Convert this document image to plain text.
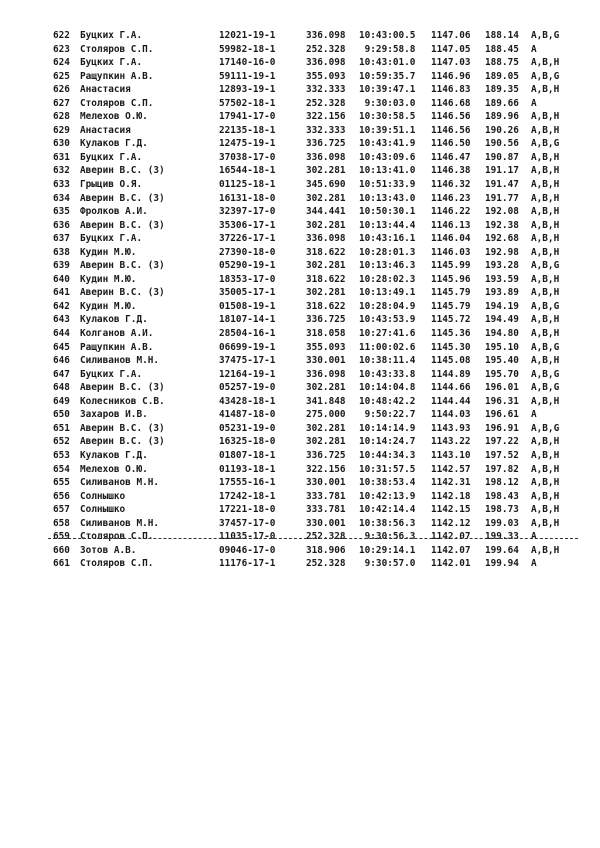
622 Буцких Г.А.	12021-19-1	336.098 10:43:00.5 1147.06 188.14 A,B,G
623 Столяров С.П.	59982-18-1	252.328 9:29:58.8 1147.05 188.45 A
624 Буцких Г.А.	17140-16-0	336.098 10:43:01.0 1147.03 188.75 A,B,H
625 Ращупкин А.В.	59111-19-1	355.093 10:59:35.7 1146.96 189.05 A,B,G
626 Анастасия	12893-19-1	332.333 10:39:47.1 1146.83 189.35 A,B,H
627 Столяров С.П.	57502-18-1	252.328 9:30:03.0 1146.68 189.66 A
628 Мелехов О.Ю.	17941-17-0	322.156 10:30:58.5 1146.56 189.96 A,B,H
629 Анастасия	22135-18-1	332.333 10:39:51.1 1146.56 190.26 A,B,H
630 Кулаков Г.Д.	12475-19-1	336.725 10:43:41.9 1146.50 190.56 A,B,G
631 Буцких Г.А.	37038-17-0	336.098 10:43:09.6 1146.47 190.87 A,B,H
632 Аверин В.С. (З)	16544-18-1	302.281 10:13:41.0 1146.38 191.17 A,B,H
633 Грыцив О.Я.	01125-18-1	345.690 10:51:33.9 1146.32 191.47 A,B,H
634 Аверин В.С. (З)	16131-18-0	302.281 10:13:43.0 1146.23 191.77 A,B,H
635 Фролков А.И.	32397-17-0	344.441 10:50:30.1 1146.22 192.08 A,B,H
636 Аверин В.С. (З)	35306-17-1	302.281 10:13:44.4 1146.13 192.38 A,B,H
637 Буцких Г.А.	37226-17-1	336.098 10:43:16.1 1146.04 192.68 A,B,H
638 Кудин М.Ю.	27390-18-0	318.622 10:28:01.3 1146.03 192.98 A,B,H
639 Аверин В.С. (З)	05290-19-1	302.281 10:13:46.3 1145.99 193.28 A,B,G
640 Кудин М.Ю.	18353-17-0	318.622 10:28:02.3 1145.96 193.59 A,B,H
641 Аверин В.С. (З)	35005-17-1	302.281 10:13:49.1 1145.79 193.89 A,B,H
642 Кудин М.Ю.	01508-19-1	318.622 10:28:04.9 1145.79 194.19 A,B,G
643 Кулаков Г.Д.	18107-14-1	336.725 10:43:53.9 1145.72 194.49 A,B,H
644 Колганов А.И.	28504-16-1	318.058 10:27:41.6 1145.36 194.80 A,B,H
645 Ращупкин А.В.	06699-19-1	355.093 11:00:02.6 1145.30 195.10 A,B,G
646 Силиванов М.Н.	37475-17-1	330.001 10:38:11.4 1145.08 195.40 A,B,H
647 Буцких Г.А.	12164-19-1	336.098 10:43:33.8 1144.89 195.70 A,B,G
648 Аверин В.С. (З)	05257-19-0	302.281 10:14:04.8 1144.66 196.01 A,B,G
649 Колесников С.В.	43428-18-1	341.848 10:48:42.2 1144.44 196.31 A,B,H
650 Захаров И.В.	41487-18-0	275.000 9:50:22.7 1144.03 196.61 A
651 Аверин В.С. (З)	05231-19-0	302.281 10:14:14.9 1143.93 196.91 A,B,G
652 Аверин В.С. (З)	16325-18-0	302.281 10:14:24.7 1143.22 197.22 A,B,H
653 Кулаков Г.Д.	01807-18-1	336.725 10:44:34.3 1143.10 197.52 A,B,H
654 Мелехов О.Ю.	01193-18-1	322.156 10:31:57.5 1142.57 197.82 A,B,H
655 Силиванов М.Н.	17555-16-1	330.001 10:38:53.4 1142.31 198.12 A,B,H
656 Солнышко	17242-18-1	333.781 10:42:13.9 1142.18 198.43 A,B,H
657 Солнышко	17221-18-0	333.781 10:42:14.4 1142.15 198.73 A,B,H
658 Силиванов М.Н.	37457-17-0	330.001 10:38:56.3 1142.12 199.03 A,B,H
659 Столяров С.П.	11035-17-0	252.328 9:30:56.3 1142.07 199.33 A
660 Зотов А.В.	09046-17-0	318.906 10:29:14.1 1142.07 199.64 A,B,H
661 Столяров С.П.	11176-17-1	252.328 9:30:57.0 1142.01 199.94 A
